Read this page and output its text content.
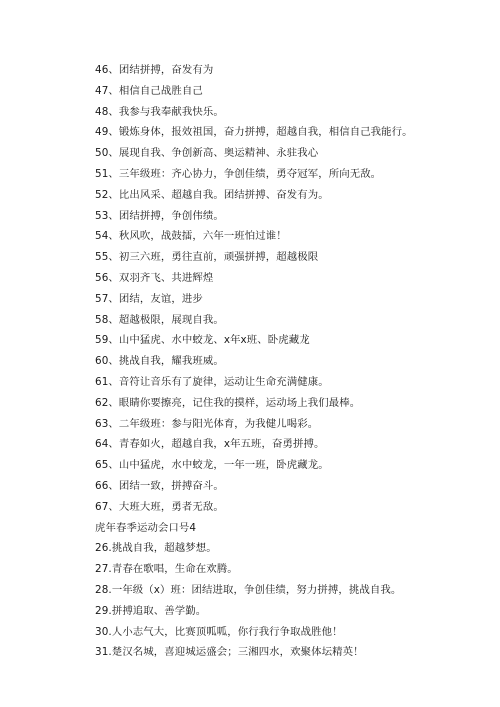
46、团结拼搏，奋发有为
47、相信自己战胜自己
48、我参与我奉献我快乐。
49、锻炼身体，报效祖国，奋力拼搏，超越自我，相信自己我能行。
50、展现自我、争创新高、奥运精神、永驻我心
51、三年级班：齐心协力，争创佳绩，勇夺冠军，所向无敌。
52、比出风采、超越自我。团结拼搏、奋发有为。
53、团结拼搏，争创伟绩。
54、秋风吹，战鼓擂，六年一班怕过谁！
55、初三六班，勇往直前，顽强拼搏，超越极限
56、双羽齐飞、共进辉煌
57、团结，友谊，进步
58、超越极限，展现自我。
59、山中猛虎、水中蛟龙、x年x班、卧虎藏龙
60、挑战自我，耀我班威。
61、音符让音乐有了旋律，运动让生命充满健康。
62、眼睛你要擦亮，记住我的摸样，运动场上我们最棒。
63、二年级班：参与阳光体育，为我健儿喝彩。
64、青春如火，超越自我，x年五班，奋勇拼搏。
65、山中猛虎，水中蛟龙，一年一班，卧虎藏龙。
66、团结一致，拼搏奋斗。
67、大班大班，勇者无敌。
虎年春季运动会口号4
26.挑战自我，超越梦想。
27.青春在歌唱，生命在欢腾。
28.一年级（x）班：团结进取，争创佳绩，努力拼搏，挑战自我。
29.拼搏追取、善学勤。
30.人小志气大，比赛顶呱呱，你行我行争取战胜他！
31.楚汉名城，喜迎城运盛会；三湘四水，欢聚体坛精英！
